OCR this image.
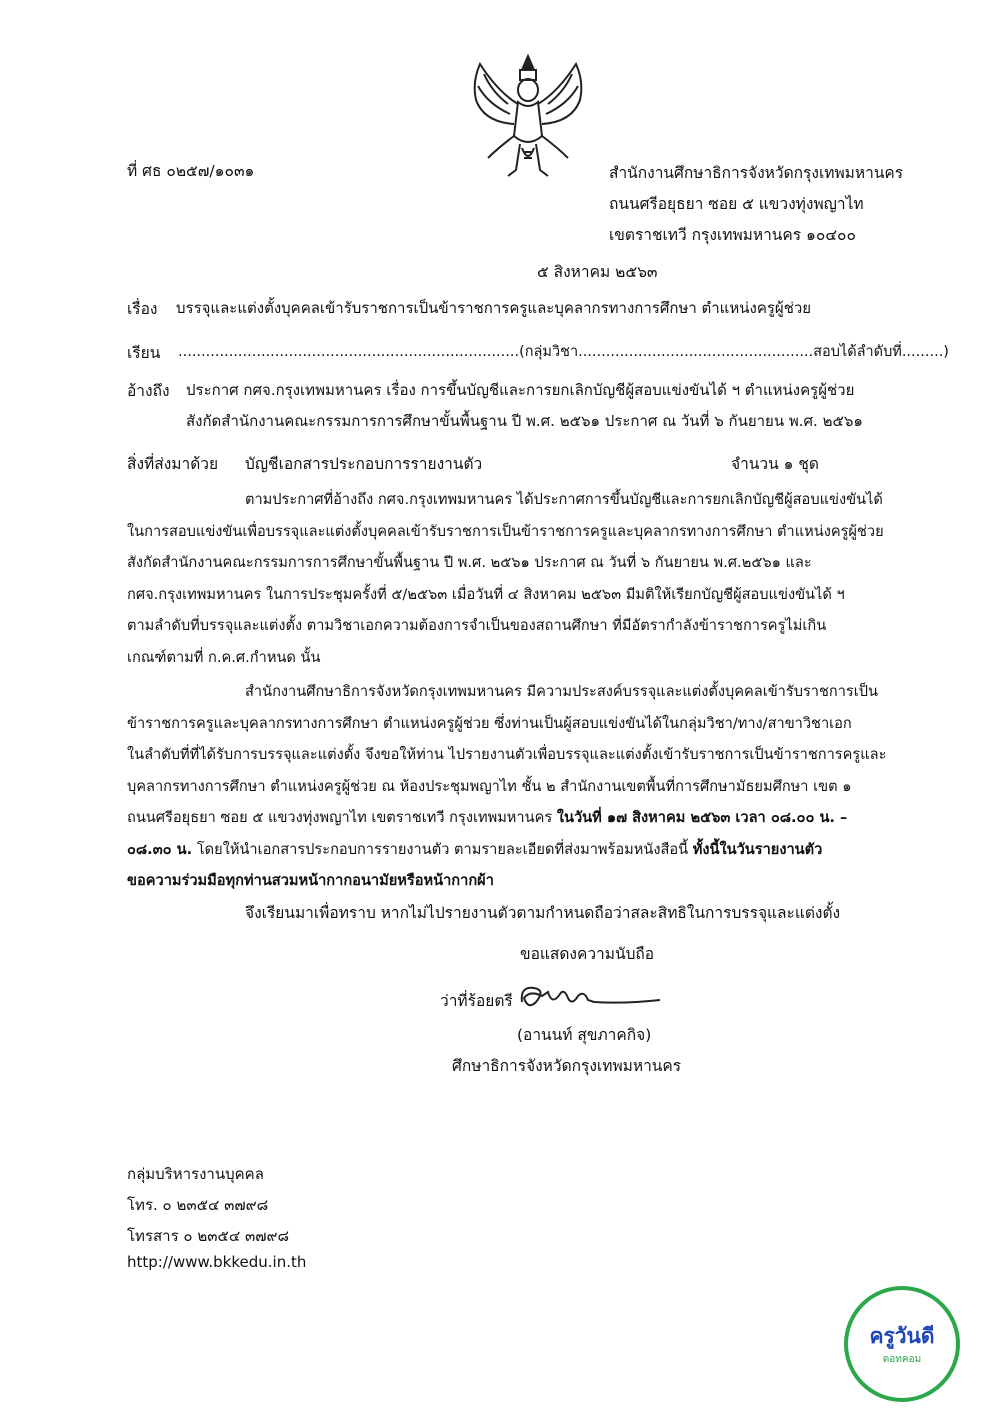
ที่ ศธ ๐๒๕๗/๑๐๓๑	สำนักงานศึกษาธิการจังหวัดกรุงเทพมหานคร
ถนนศรีอยุธยา ซอย ๕ แขวงทุ่งพญาไท
เขตราชเทวี กรุงเทพมหานคร ๑๐๔๐๐
๕ สิงหาคม ๒๕๖๓
เรื่อง บรรจุและแต่งตั้งบุคคลเข้ารับราชการเป็นข้าราชการครูและบุคลากรทางการศึกษา ตำแหน่งครูผู้ช่วย
เรียน ..........................................................................(กลุ่มวิชา...................................................สอบได้ลำดับที่.........)
อ้างถึง ประกาศ กศจ.กรุงเทพมหานคร เรื่อง การขึ้นบัญชีและการยกเลิกบัญชีผู้สอบแข่งขันได้ ฯ ตำแหน่งครูผู้ช่วย
สังกัดสำนักงานคณะกรรมการการศึกษาขั้นพื้นฐาน ปี พ.ศ. ๒๕๖๑ ประกาศ ณ วันที่ ๖ กันยายน พ.ศ. ๒๕๖๑
สิ่งที่ส่งมาด้วย บัญชีเอกสารประกอบการรายงานตัว	จำนวน ๑ ชุด
ตามประกาศที่อ้างถึง กศจ.กรุงเทพมหานคร ได้ประกาศการขึ้นบัญชีและการยกเลิกบัญชีผู้สอบแข่งขันได้
ในการสอบแข่งขันเพื่อบรรจุและแต่งตั้งบุคคลเข้ารับราชการเป็นข้าราชการครูและบุคลากรทางการศึกษา ตำแหน่งครูผู้ช่วย
สังกัดสำนักงานคณะกรรมการการศึกษาขั้นพื้นฐาน ปี พ.ศ. ๒๕๖๑ ประกาศ ณ วันที่ ๖ กันยายน พ.ศ.๒๕๖๑ และ
กศจ.กรุงเทพมหานคร ในการประชุมครั้งที่ ๕/๒๕๖๓ เมื่อวันที่ ๔ สิงหาคม ๒๕๖๓ มีมติให้เรียกบัญชีผู้สอบแข่งขันได้ ฯ
ตามลำดับที่บรรจุและแต่งตั้ง ตามวิชาเอกความต้องการจำเป็นของสถานศึกษา ที่มีอัตรากำลังข้าราชการครูไม่เกิน
เกณฑ์ตามที่ ก.ค.ศ.กำหนด นั้น
สำนักงานศึกษาธิการจังหวัดกรุงเทพมหานคร มีความประสงค์บรรจุและแต่งตั้งบุคคลเข้ารับราชการเป็น
ข้าราชการครูและบุคลากรทางการศึกษา ตำแหน่งครูผู้ช่วย ซึ่งท่านเป็นผู้สอบแข่งขันได้ในกลุ่มวิชา/ทาง/สาขาวิชาเอก
ในลำดับที่ที่ได้รับการบรรจุและแต่งตั้ง จึงขอให้ท่าน ไปรายงานตัวเพื่อบรรจุและแต่งตั้งเข้ารับราชการเป็นข้าราชการครูและ
บุคลากรทางการศึกษา ตำแหน่งครูผู้ช่วย ณ ห้องประชุมพญาไท ชั้น ๒ สำนักงานเขตพื้นที่การศึกษามัธยมศึกษา เขต ๑
ถนนศรีอยุธยา ซอย ๕ แขวงทุ่งพญาไท เขตราชเทวี กรุงเทพมหานคร ในวันที่ ๑๗ สิงหาคม ๒๕๖๓ เวลา ๐๘.๐๐ น. –
๐๘.๓๐ น. โดยให้นำเอกสารประกอบการรายงานตัว ตามรายละเอียดที่ส่งมาพร้อมหนังสือนี้ ทั้งนี้ในวันรายงานตัว
ขอความร่วมมือทุกท่านสวมหน้ากากอนามัยหรือหน้ากากผ้า
จึงเรียนมาเพื่อทราบ หากไม่ไปรายงานตัวตามกำหนดถือว่าสละสิทธิในการบรรจุและแต่งตั้ง
ขอแสดงความนับถือ
ว่าที่ร้อยตรี
(อานนท์ สุขภาคกิจ)
ศึกษาธิการจังหวัดกรุงเทพมหานคร
กลุ่มบริหารงานบุคคล
โทร. ๐ ๒๓๕๔ ๓๗๙๘
โทรสาร ๐ ๒๓๕๔ ๓๗๙๘
http://www.bkkedu.in.th
ครูวันดี
ดอทคอม
